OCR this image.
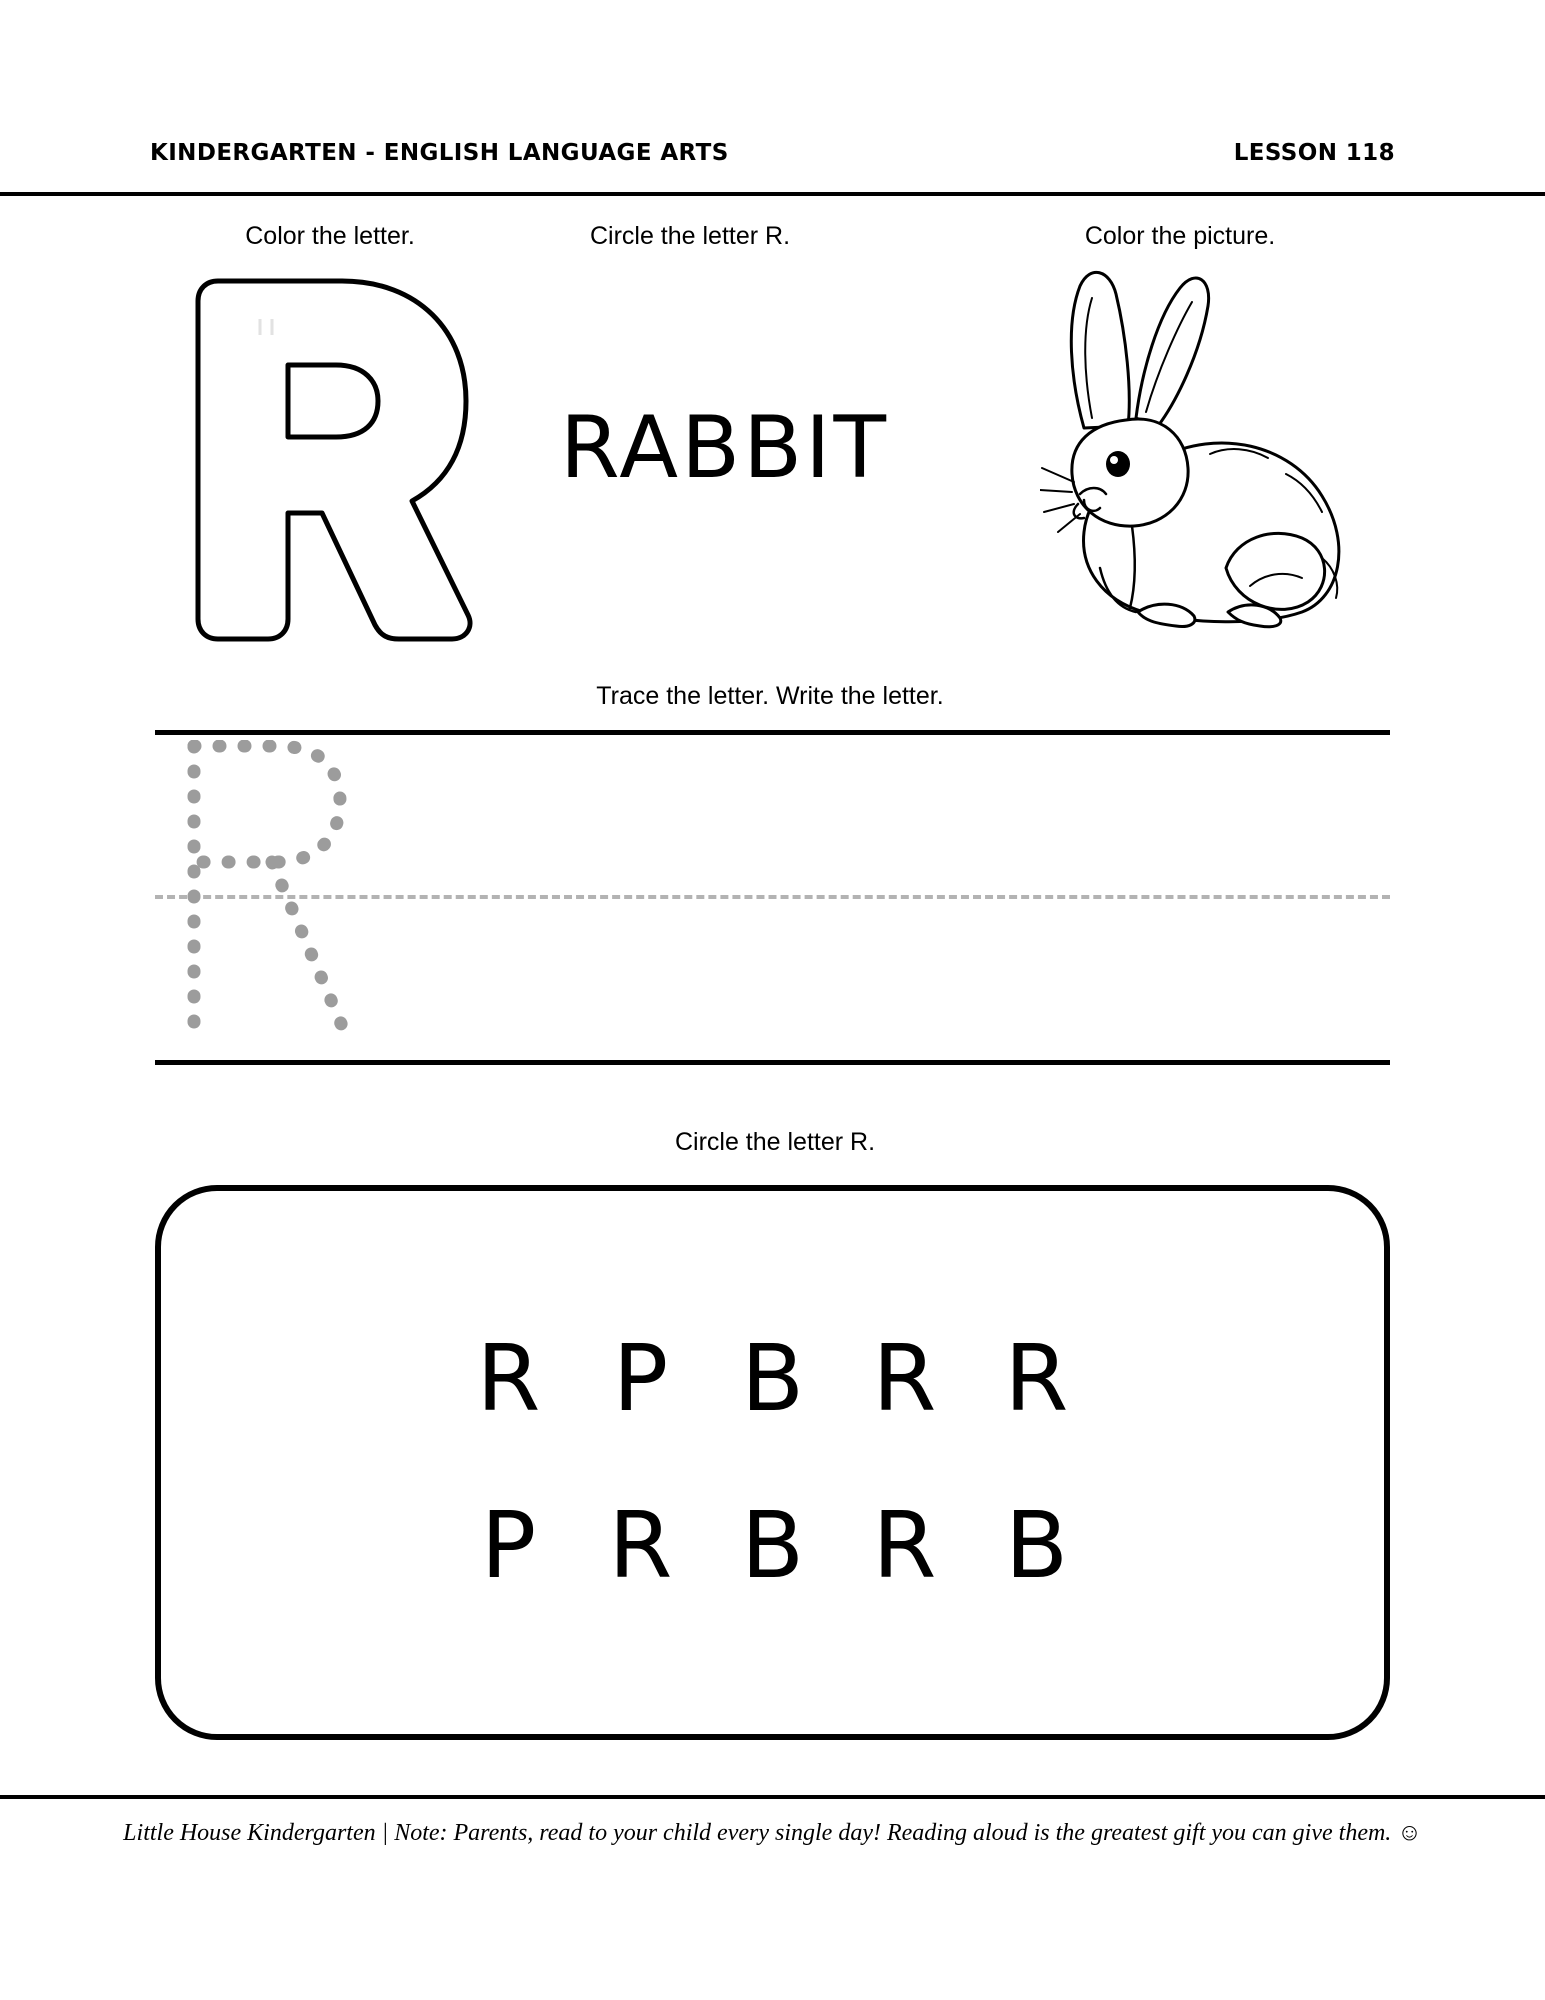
KINDERGARTEN - ENGLISH LANGUAGE ARTS	LESSON 118
Color the letter.	Circle the letter R.	Color the picture.
RABBIT
Trace the letter. Write the letter.
Circle the letter R.
R P B R R
P R B R B
Little House Kindergarten | Note: Parents, read to your child every single day! Reading aloud is the greatest gift you can give them. ☺
